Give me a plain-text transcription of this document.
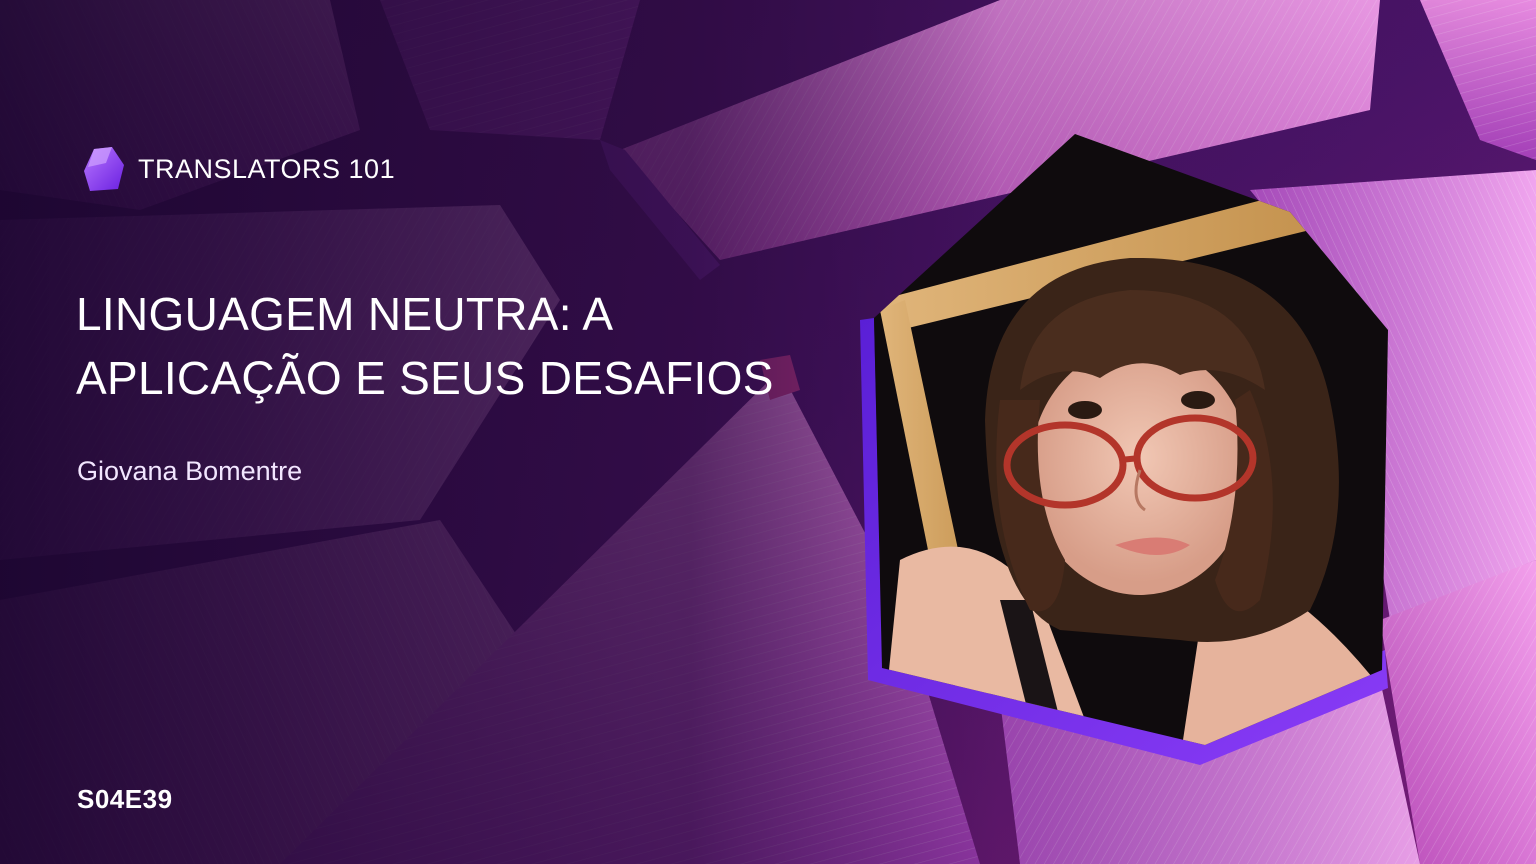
TRANSLATORS 101
LINGUAGEM NEUTRA: A
APLICAÇÃO E SEUS DESAFIOS
Giovana Bomentre
S04E39
